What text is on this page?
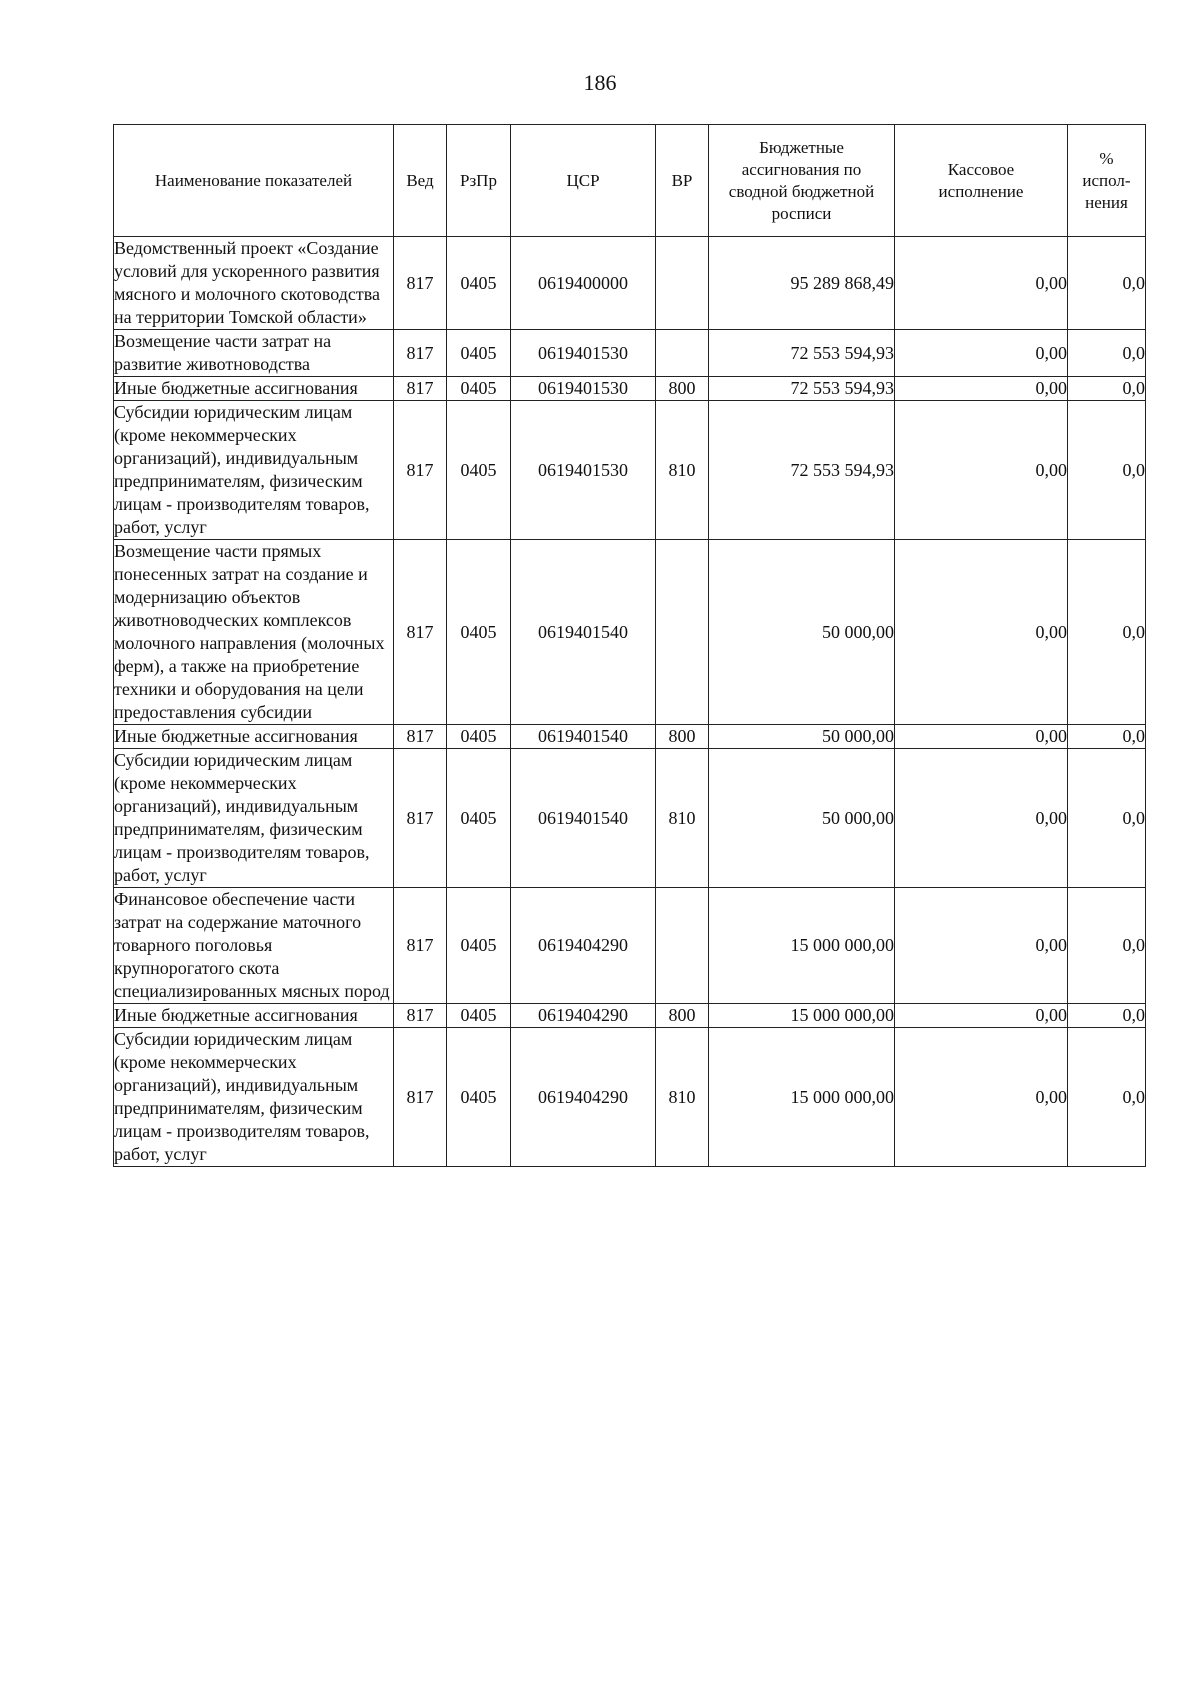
186
Наименование показателей	Вед	РзПр	ЦСР	ВР	Бюджетные ассигнования по сводной бюджетной росписи	Кассовое исполнение	% испол-нения
Ведомственный проект «Создание условий для ускоренного развития мясного и молочного скотоводства на территории Томской области»	817	0405	0619400000		95 289 868,49	0,00	0,0
Возмещение части затрат на развитие животноводства	817	0405	0619401530		72 553 594,93	0,00	0,0
Иные бюджетные ассигнования	817	0405	0619401530	800	72 553 594,93	0,00	0,0
Субсидии юридическим лицам (кроме некоммерческих организаций), индивидуальным предпринимателям, физическим лицам - производителям товаров, работ, услуг	817	0405	0619401530	810	72 553 594,93	0,00	0,0
Возмещение части прямых понесенных затрат на создание и модернизацию объектов животноводческих комплексов молочного направления (молочных ферм), а также на приобретение техники и оборудования на цели предоставления субсидии	817	0405	0619401540		50 000,00	0,00	0,0
Иные бюджетные ассигнования	817	0405	0619401540	800	50 000,00	0,00	0,0
Субсидии юридическим лицам (кроме некоммерческих организаций), индивидуальным предпринимателям, физическим лицам - производителям товаров, работ, услуг	817	0405	0619401540	810	50 000,00	0,00	0,0
Финансовое обеспечение части затрат на содержание маточного товарного поголовья крупнорогатого скота специализированных мясных пород	817	0405	0619404290		15 000 000,00	0,00	0,0
Иные бюджетные ассигнования	817	0405	0619404290	800	15 000 000,00	0,00	0,0
Субсидии юридическим лицам (кроме некоммерческих организаций), индивидуальным предпринимателям, физическим лицам - производителям товаров, работ, услуг	817	0405	0619404290	810	15 000 000,00	0,00	0,0
